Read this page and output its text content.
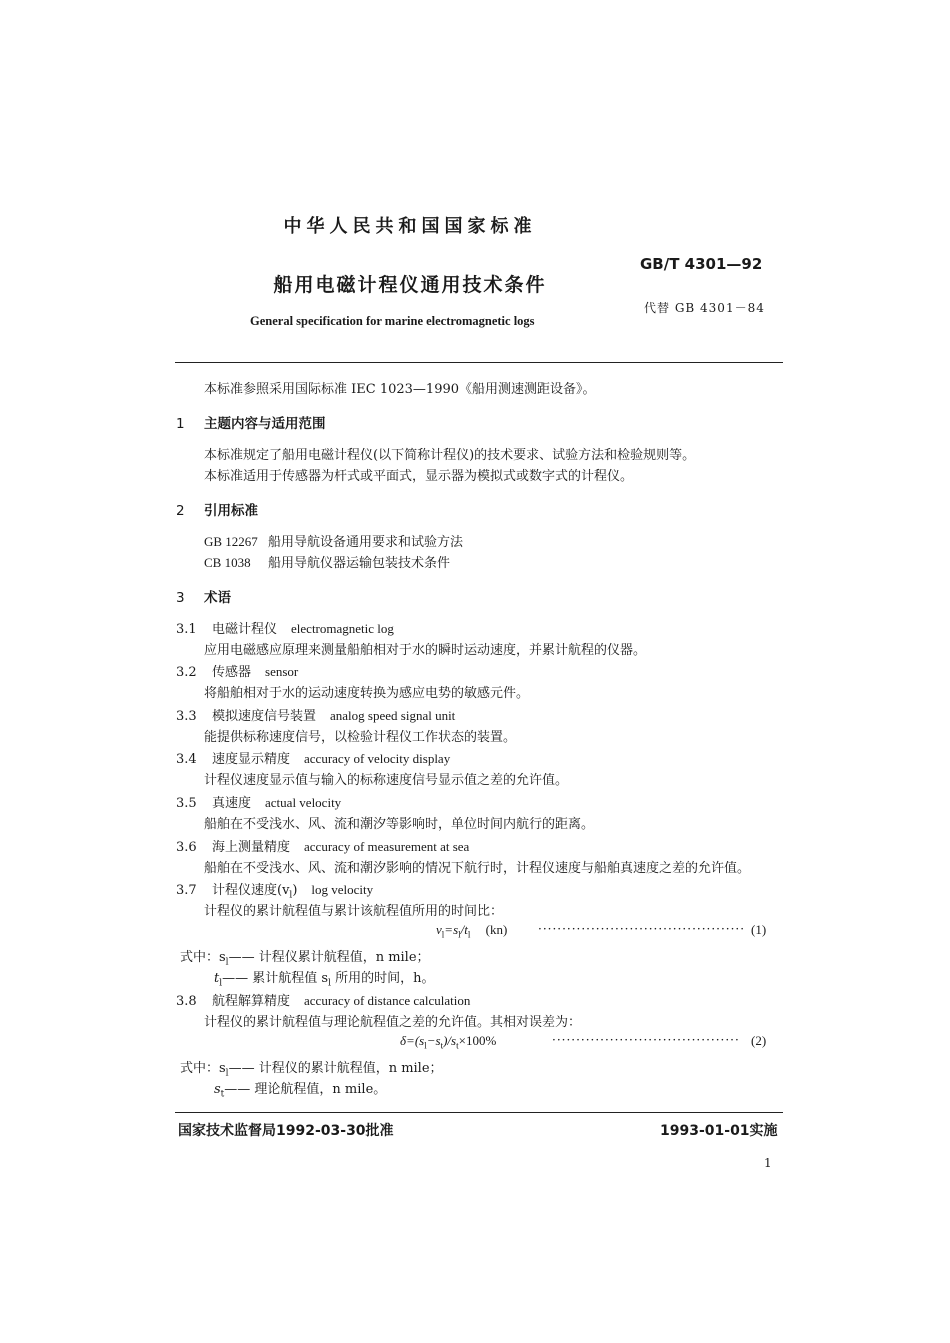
中华人民共和国国家标准
GB/T 4301—92
代替 GB 4301－84
船用电磁计程仪通用技术条件
General specification for marine electromagnetic logs
本标准参照采用国际标准 IEC 1023—1990《船用测速测距设备》。
1 主题内容与适用范围
本标准规定了船用电磁计程仪(以下简称计程仪)的技术要求、试验方法和检验规则等。
本标准适用于传感器为杆式或平面式，显示器为模拟式或数字式的计程仪。
2 引用标准
GB 12267 船用导航设备通用要求和试验方法
CB 1038 船用导航仪器运输包装技术条件
3 术语
3.1 电磁计程仪 electromagnetic log
应用电磁感应原理来测量船舶相对于水的瞬时运动速度，并累计航程的仪器。
3.2 传感器 sensor
将船舶相对于水的运动速度转换为感应电势的敏感元件。
3.3 模拟速度信号装置 analog speed signal unit
能提供标称速度信号，以检验计程仪工作状态的装置。
3.4 速度显示精度 accuracy of velocity display
计程仪速度显示值与输入的标称速度信号显示值之差的允许值。
3.5 真速度 actual velocity
船舶在不受浅水、风、流和潮汐等影响时，单位时间内航行的距离。
3.6 海上测量精度 accuracy of measurement at sea
船舶在不受浅水、风、流和潮汐影响的情况下航行时，计程仪速度与船舶真速度之差的允许值。
3.7 计程仪速度$(v_l)$ log velocity
计程仪的累计航程值与累计该航程值所用的时间比：
$v_l=s_l/t_l$ (kn)	··········································· (1)
式中：$s_l——$ 计程仪累计航程值，n mile；
$t_l——$ 累计航程值 $s_l$ 所用的时间，h。
3.8 航程解算精度 accuracy of distance calculation
计程仪的累计航程值与理论航程值之差的允许值。其相对误差为：
$\delta=(s_l-s_t)/s_t\times 100\%$	······································· (2)
式中：$s_l——$ 计程仪的累计航程值，n mile；
$s_t——$ 理论航程值，n mile。
国家技术监督局1992-03-30批准	1993-01-01实施
1
